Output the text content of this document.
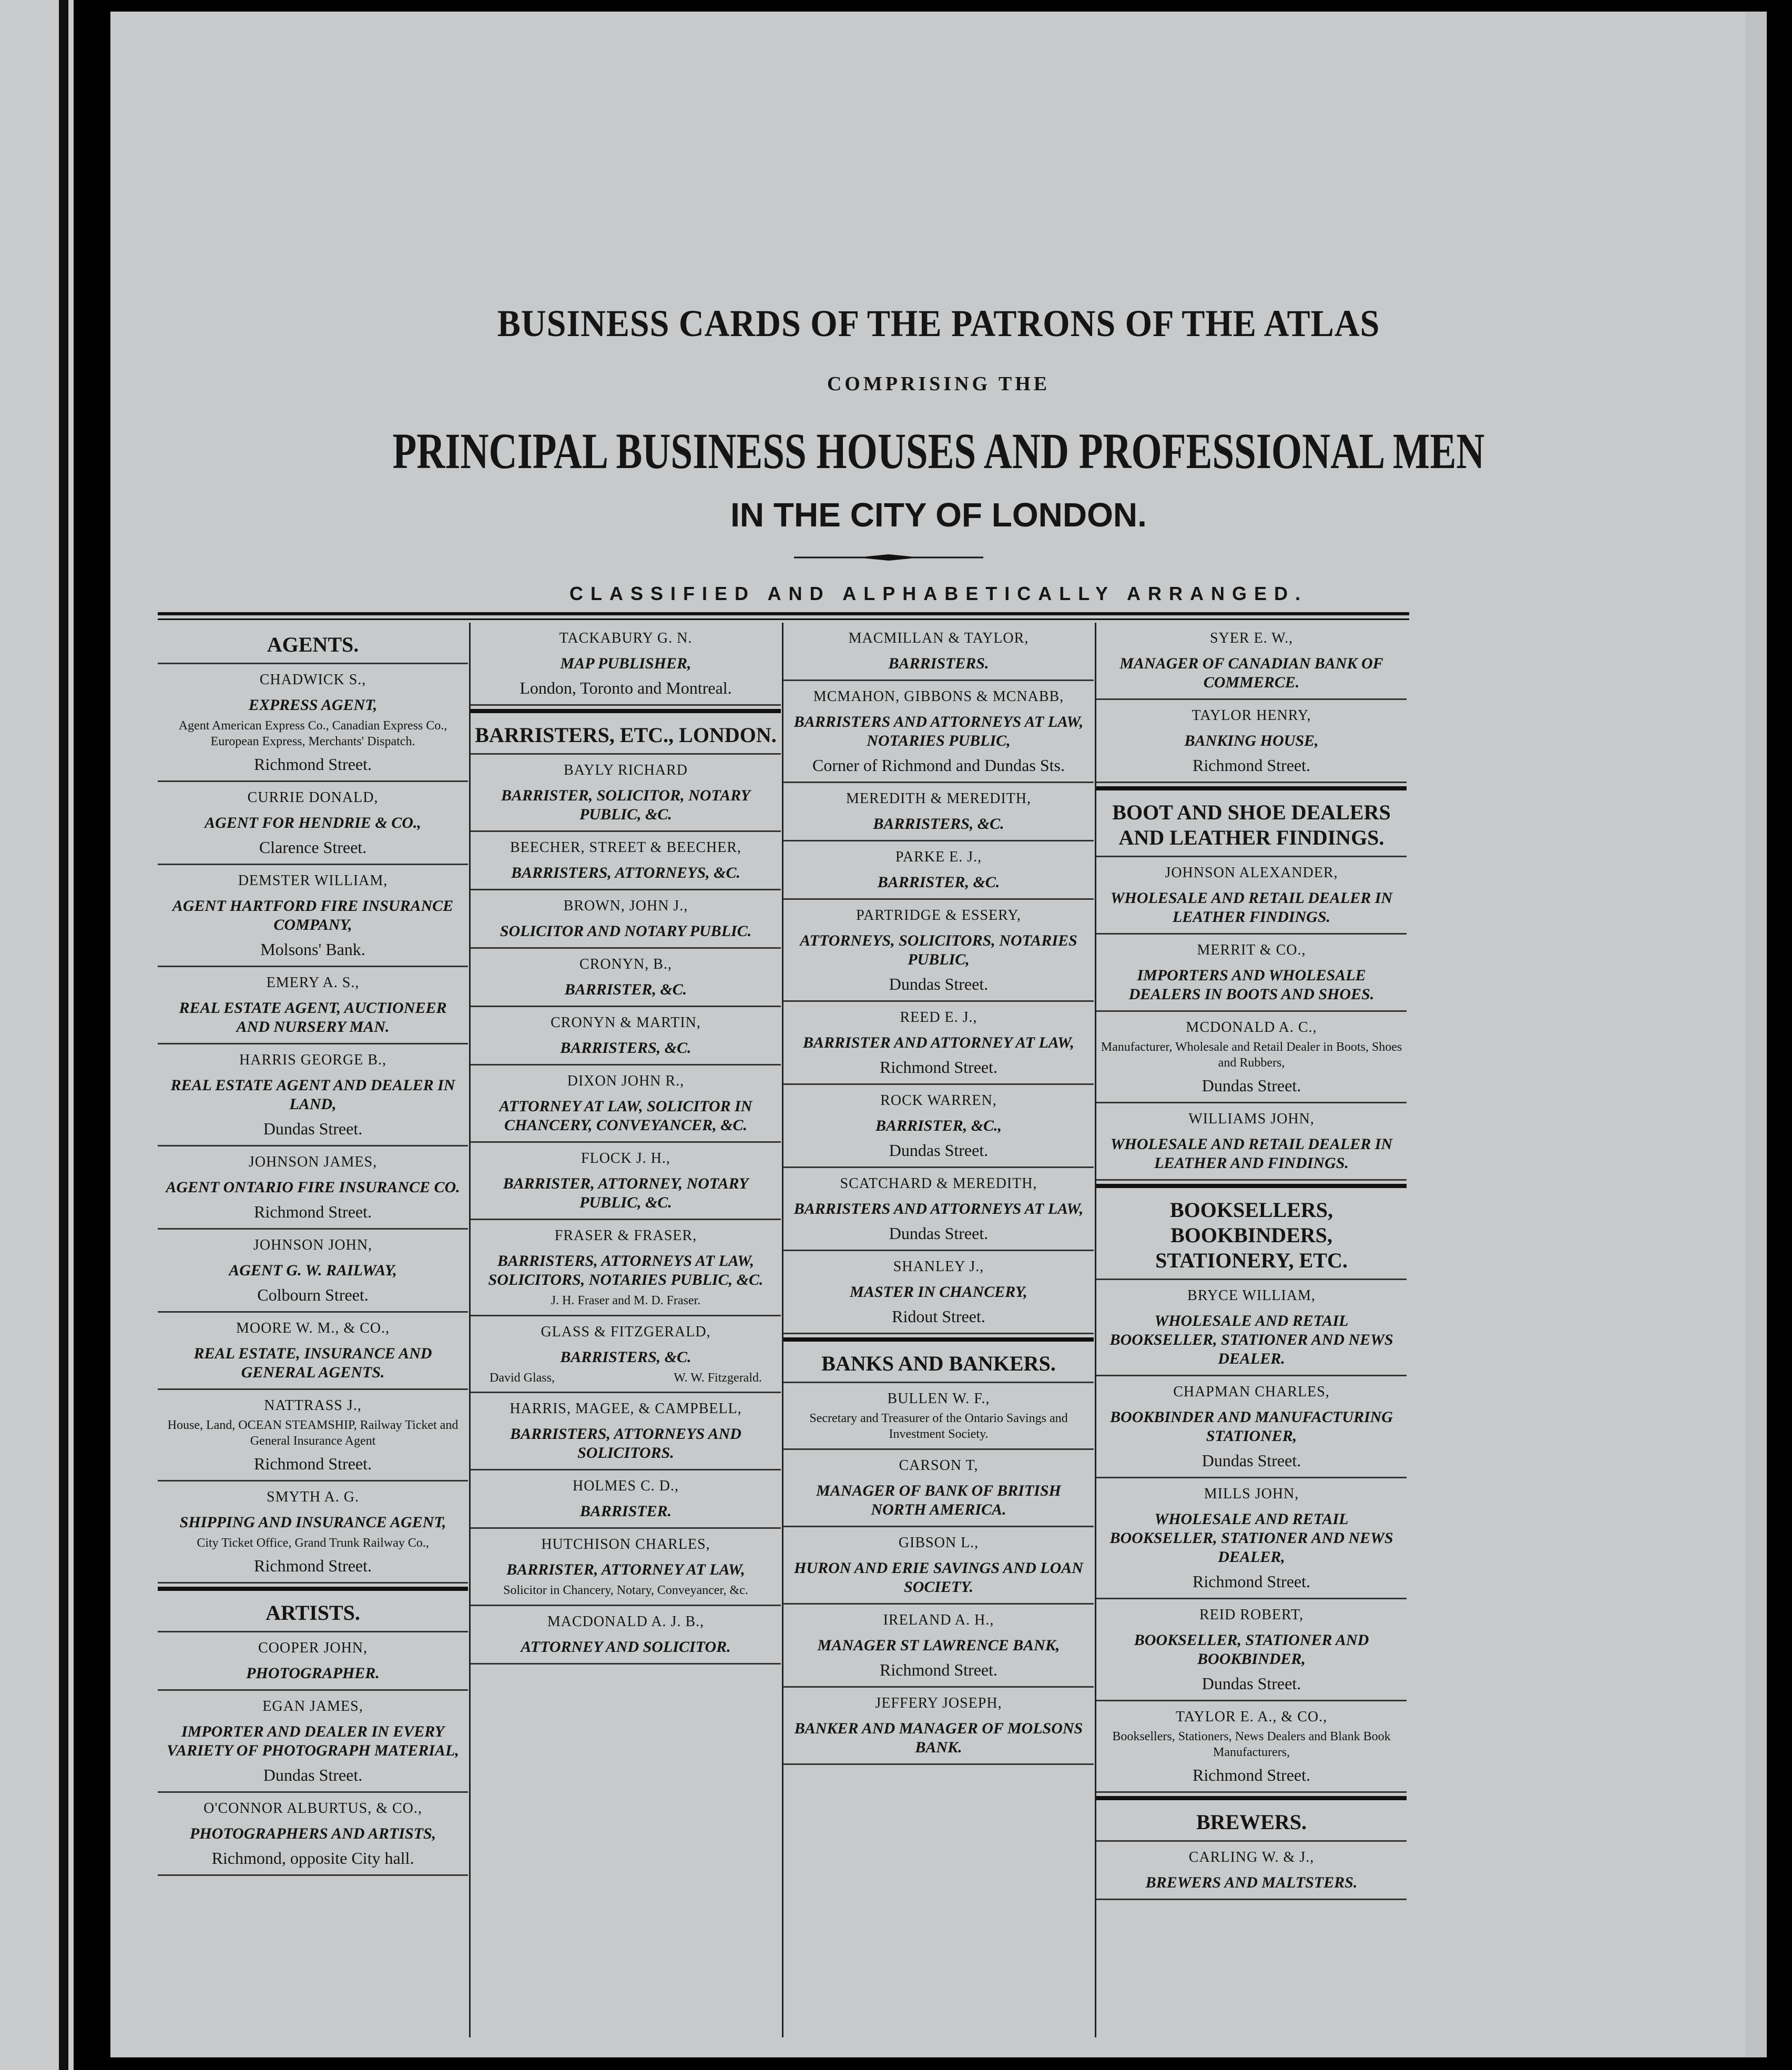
BUSINESS CARDS OF THE PATRONS OF THE ATLAS
COMPRISING THE
PRINCIPAL BUSINESS HOUSES AND PROFESSIONAL MEN
IN THE CITY OF LONDON.
CLASSIFIED AND ALPHABETICALLY ARRANGED.
AGENTS.
CHADWICK S.,
EXPRESS AGENT,
Agent American Express Co., Canadian Express Co., European Express, Merchants' Dispatch.
Richmond Street.
CURRIE DONALD,
AGENT FOR HENDRIE & CO.,
Clarence Street.
DEMSTER WILLIAM,
AGENT HARTFORD FIRE INSURANCE COMPANY,
Molsons' Bank.
EMERY A. S.,
REAL ESTATE AGENT, AUCTIONEER AND NURSERY MAN.
HARRIS GEORGE B.,
REAL ESTATE AGENT AND DEALER IN LAND,
Dundas Street.
JOHNSON JAMES,
AGENT ONTARIO FIRE INSURANCE CO.
Richmond Street.
JOHNSON JOHN,
AGENT G. W. RAILWAY,
Colbourn Street.
MOORE W. M., & CO.,
REAL ESTATE, INSURANCE AND GENERAL AGENTS.
NATTRASS J.,
House, Land, OCEAN STEAMSHIP, Railway Ticket and General Insurance Agent
Richmond Street.
SMYTH A. G.
SHIPPING AND INSURANCE AGENT,
City Ticket Office, Grand Trunk Railway Co.,
Richmond Street.
ARTISTS.
COOPER JOHN,
PHOTOGRAPHER.
EGAN JAMES,
IMPORTER AND DEALER IN EVERY VARIETY OF PHOTOGRAPH MATERIAL,
Dundas Street.
O'CONNOR ALBURTUS, & CO.,
PHOTOGRAPHERS AND ARTISTS,
Richmond, opposite City hall.
TACKABURY G. N.
MAP PUBLISHER,
London, Toronto and Montreal.
BARRISTERS, ETC., LONDON.
BAYLY RICHARD
BARRISTER, SOLICITOR, NOTARY PUBLIC, &C.
BEECHER, STREET & BEECHER,
BARRISTERS, ATTORNEYS, &C.
BROWN, JOHN J.,
SOLICITOR AND NOTARY PUBLIC.
CRONYN, B.,
BARRISTER, &C.
CRONYN & MARTIN,
BARRISTERS, &C.
DIXON JOHN R.,
ATTORNEY AT LAW, SOLICITOR IN CHANCERY, CONVEYANCER, &C.
FLOCK J. H.,
BARRISTER, ATTORNEY, NOTARY PUBLIC, &C.
FRASER & FRASER,
BARRISTERS, ATTORNEYS AT LAW, SOLICITORS, NOTARIES PUBLIC, &C.
J. H. Fraser and M. D. Fraser.
GLASS & FITZGERALD,
BARRISTERS, &C.
David Glass,	W. W. Fitzgerald.
HARRIS, MAGEE, & CAMPBELL,
BARRISTERS, ATTORNEYS AND SOLICITORS.
HOLMES C. D.,
BARRISTER.
HUTCHISON CHARLES,
BARRISTER, ATTORNEY AT LAW,
Solicitor in Chancery, Notary, Conveyancer, &c.
MACDONALD A. J. B.,
ATTORNEY AND SOLICITOR.
MACMILLAN & TAYLOR,
BARRISTERS.
MCMAHON, GIBBONS & MCNABB,
BARRISTERS AND ATTORNEYS AT LAW, NOTARIES PUBLIC,
Corner of Richmond and Dundas Sts.
MEREDITH & MEREDITH,
BARRISTERS, &C.
PARKE E. J.,
BARRISTER, &C.
PARTRIDGE & ESSERY,
ATTORNEYS, SOLICITORS, NOTARIES PUBLIC,
Dundas Street.
REED E. J.,
BARRISTER AND ATTORNEY AT LAW,
Richmond Street.
ROCK WARREN,
BARRISTER, &C.,
Dundas Street.
SCATCHARD & MEREDITH,
BARRISTERS AND ATTORNEYS AT LAW,
Dundas Street.
SHANLEY J.,
MASTER IN CHANCERY,
Ridout Street.
BANKS AND BANKERS.
BULLEN W. F.,
Secretary and Treasurer of the Ontario Savings and Investment Society.
CARSON T,
MANAGER OF BANK OF BRITISH NORTH AMERICA.
GIBSON L.,
HURON AND ERIE SAVINGS AND LOAN SOCIETY.
IRELAND A. H.,
MANAGER ST LAWRENCE BANK,
Richmond Street.
JEFFERY JOSEPH,
BANKER AND MANAGER OF MOLSONS BANK.
SYER E. W.,
MANAGER OF CANADIAN BANK OF COMMERCE.
TAYLOR HENRY,
BANKING HOUSE,
Richmond Street.
BOOT AND SHOE DEALERS AND LEATHER FINDINGS.
JOHNSON ALEXANDER,
WHOLESALE AND RETAIL DEALER IN LEATHER FINDINGS.
MERRIT & CO.,
IMPORTERS AND WHOLESALE DEALERS IN BOOTS AND SHOES.
MCDONALD A. C.,
Manufacturer, Wholesale and Retail Dealer in Boots, Shoes and Rubbers,
Dundas Street.
WILLIAMS JOHN,
WHOLESALE AND RETAIL DEALER IN LEATHER AND FINDINGS.
BOOKSELLERS, BOOKBINDERS, STATIONERY, ETC.
BRYCE WILLIAM,
WHOLESALE AND RETAIL BOOKSELLER, STATIONER AND NEWS DEALER.
CHAPMAN CHARLES,
BOOKBINDER AND MANUFACTURING STATIONER,
Dundas Street.
MILLS JOHN,
WHOLESALE AND RETAIL BOOKSELLER, STATIONER AND NEWS DEALER,
Richmond Street.
REID ROBERT,
BOOKSELLER, STATIONER AND BOOKBINDER,
Dundas Street.
TAYLOR E. A., & CO.,
Booksellers, Stationers, News Dealers and Blank Book Manufacturers,
Richmond Street.
BREWERS.
CARLING W. & J.,
BREWERS AND MALTSTERS.
